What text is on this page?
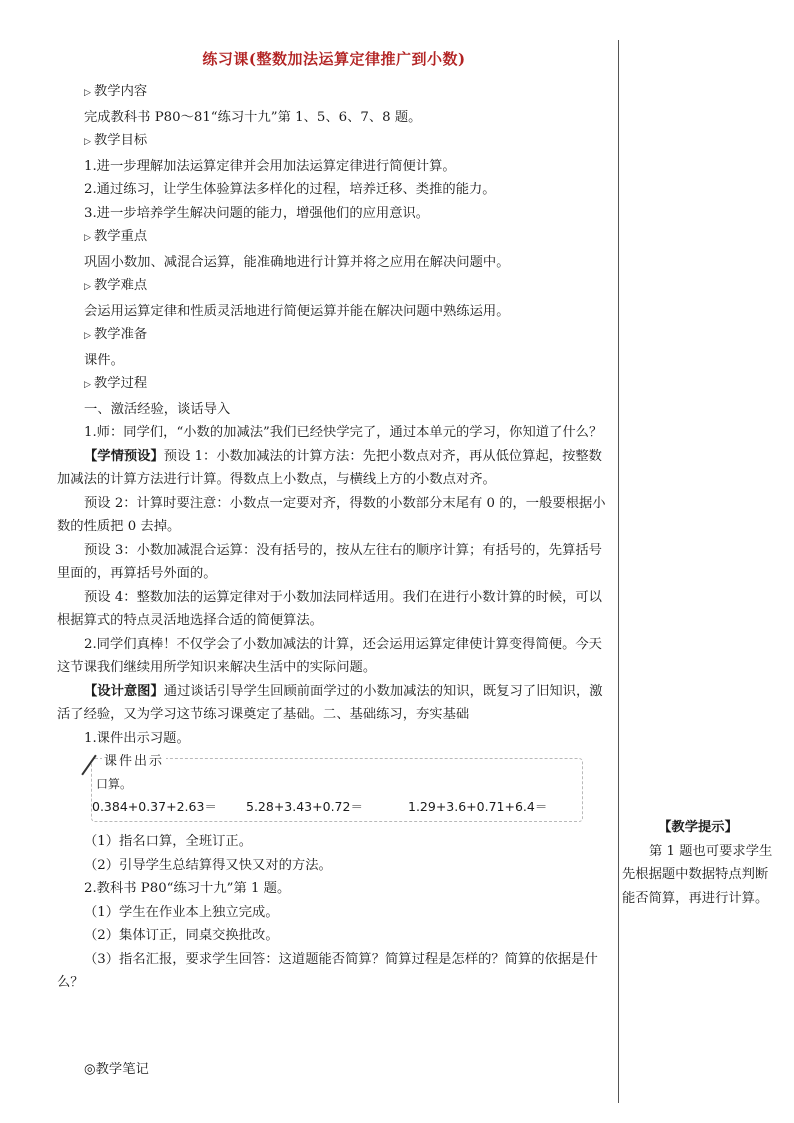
练习课(整数加法运算定律推广到小数)

▷ 教学内容

完成教科书 P80～81“练习十九”第 1、5、6、7、8 题。

▷ 教学目标

1.进一步理解加法运算定律并会用加法运算定律进行简便计算。

2.通过练习，让学生体验算法多样化的过程，培养迁移、类推的能力。

3.进一步培养学生解决问题的能力，增强他们的应用意识。

▷ 教学重点

巩固小数加、减混合运算，能准确地进行计算并将之应用在解决问题中。

▷ 教学难点

会运用运算定律和性质灵活地进行简便运算并能在解决问题中熟练运用。

▷ 教学准备

课件。

▷ 教学过程

一、激活经验，谈话导入

1.师：同学们，“小数的加减法”我们已经快学完了，通过本单元的学习，你知道了什么？

【学情预设】预设 1：小数加减法的计算方法：先把小数点对齐，再从低位算起，按整数加减法的计算方法进行计算。得数点上小数点，与横线上方的小数点对齐。

预设 2：计算时要注意：小数点一定要对齐，得数的小数部分末尾有 0 的，一般要根据小数的性质把 0 去掉。

预设 3：小数加减混合运算：没有括号的，按从左往右的顺序计算；有括号的，先算括号里面的，再算括号外面的。

预设 4：整数加法的运算定律对于小数加法同样适用。我们在进行小数计算的时候，可以根据算式的特点灵活地选择合适的简便算法。

2.同学们真棒！不仅学会了小数加减法的计算，还会运用运算定律使计算变得简便。今天这节课我们继续用所学知识来解决生活中的实际问题。

【设计意图】通过谈话引导学生回顾前面学过的小数加减法的知识，既复习了旧知识，激活了经验，又为学习这节练习课奠定了基础。二、基础练习，夯实基础

1.课件出示习题。

课件出示
口算。
0.384+0.37+2.63＝ 5.28+3.43+0.72＝	1.29+3.6+0.71+6.4＝

（1）指名口算，全班订正。

（2）引导学生总结算得又快又对的方法。

2.教科书 P80“练习十九”第 1 题。

（1）学生在作业本上独立完成。

（2）集体订正，同桌交换批改。

（3）指名汇报，要求学生回答：这道题能否简算？简算过程是怎样的？简算的依据是什么？

【教学提示】

第 1 题也可要求学生先根据题中数据特点判断能否简算，再进行计算。

◎教学笔记
